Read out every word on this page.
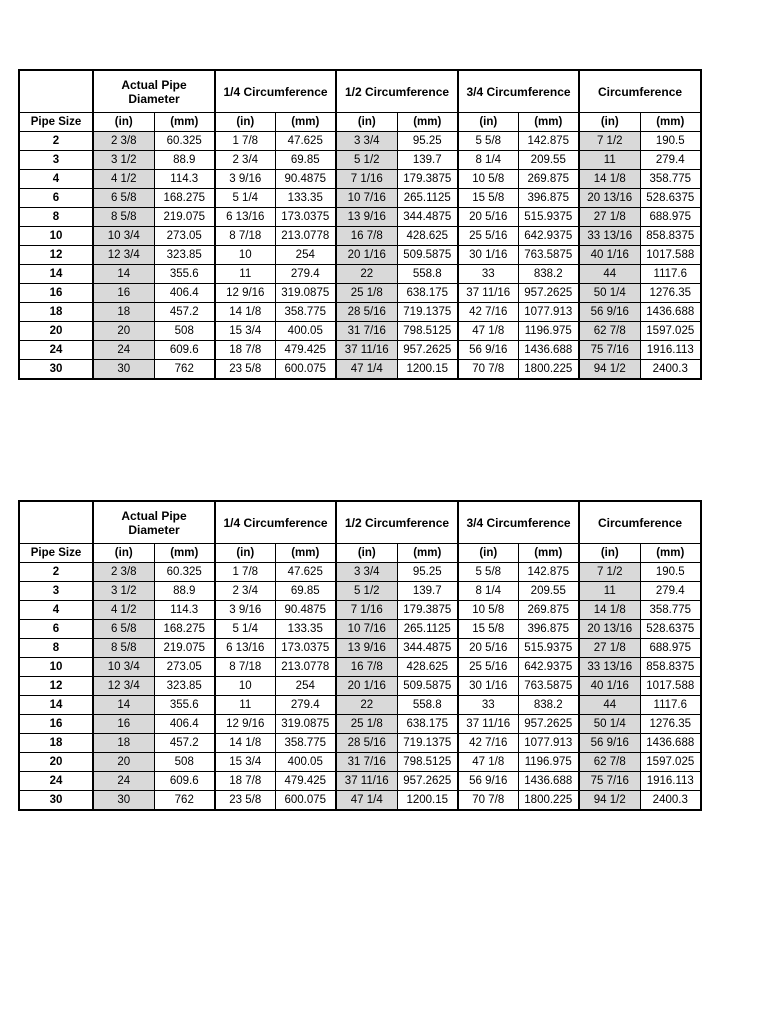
	Actual Pipe Diameter		1/4 Circumference		1/2 Circumference		3/4 Circumference		Circumference	
Pipe Size	(in)	(mm)	(in)	(mm)	(in)	(mm)	(in)	(mm)	(in)	(mm)
2	2 3/8	60.325	1 7/8	47.625	3 3/4	95.25	5 5/8	142.875	7 1/2	190.5
3	3 1/2	88.9	2 3/4	69.85	5 1/2	139.7	8 1/4	209.55	11	279.4
4	4 1/2	114.3	3 9/16	90.4875	7 1/16	179.3875	10 5/8	269.875	14 1/8	358.775
6	6 5/8	168.275	5 1/4	133.35	10 7/16	265.1125	15 5/8	396.875	20 13/16	528.6375
8	8 5/8	219.075	6 13/16	173.0375	13 9/16	344.4875	20 5/16	515.9375	27 1/8	688.975
10	10 3/4	273.05	8 7/18	213.0778	16 7/8	428.625	25 5/16	642.9375	33 13/16	858.8375
12	12 3/4	323.85	10	254	20 1/16	509.5875	30 1/16	763.5875	40 1/16	1017.588
14	14	355.6	11	279.4	22	558.8	33	838.2	44	1117.6
16	16	406.4	12 9/16	319.0875	25 1/8	638.175	37 11/16	957.2625	50 1/4	1276.35
18	18	457.2	14 1/8	358.775	28 5/16	719.1375	42 7/16	1077.913	56 9/16	1436.688
20	20	508	15 3/4	400.05	31 7/16	798.5125	47 1/8	1196.975	62 7/8	1597.025
24	24	609.6	18 7/8	479.425	37 11/16	957.2625	56 9/16	1436.688	75 7/16	1916.113
30	30	762	23 5/8	600.075	47 1/4	1200.15	70 7/8	1800.225	94 1/2	2400.3
	Actual Pipe Diameter		1/4 Circumference		1/2 Circumference		3/4 Circumference		Circumference	
Pipe Size	(in)	(mm)	(in)	(mm)	(in)	(mm)	(in)	(mm)	(in)	(mm)
2	2 3/8	60.325	1 7/8	47.625	3 3/4	95.25	5 5/8	142.875	7 1/2	190.5
3	3 1/2	88.9	2 3/4	69.85	5 1/2	139.7	8 1/4	209.55	11	279.4
4	4 1/2	114.3	3 9/16	90.4875	7 1/16	179.3875	10 5/8	269.875	14 1/8	358.775
6	6 5/8	168.275	5 1/4	133.35	10 7/16	265.1125	15 5/8	396.875	20 13/16	528.6375
8	8 5/8	219.075	6 13/16	173.0375	13 9/16	344.4875	20 5/16	515.9375	27 1/8	688.975
10	10 3/4	273.05	8 7/18	213.0778	16 7/8	428.625	25 5/16	642.9375	33 13/16	858.8375
12	12 3/4	323.85	10	254	20 1/16	509.5875	30 1/16	763.5875	40 1/16	1017.588
14	14	355.6	11	279.4	22	558.8	33	838.2	44	1117.6
16	16	406.4	12 9/16	319.0875	25 1/8	638.175	37 11/16	957.2625	50 1/4	1276.35
18	18	457.2	14 1/8	358.775	28 5/16	719.1375	42 7/16	1077.913	56 9/16	1436.688
20	20	508	15 3/4	400.05	31 7/16	798.5125	47 1/8	1196.975	62 7/8	1597.025
24	24	609.6	18 7/8	479.425	37 11/16	957.2625	56 9/16	1436.688	75 7/16	1916.113
30	30	762	23 5/8	600.075	47 1/4	1200.15	70 7/8	1800.225	94 1/2	2400.3
